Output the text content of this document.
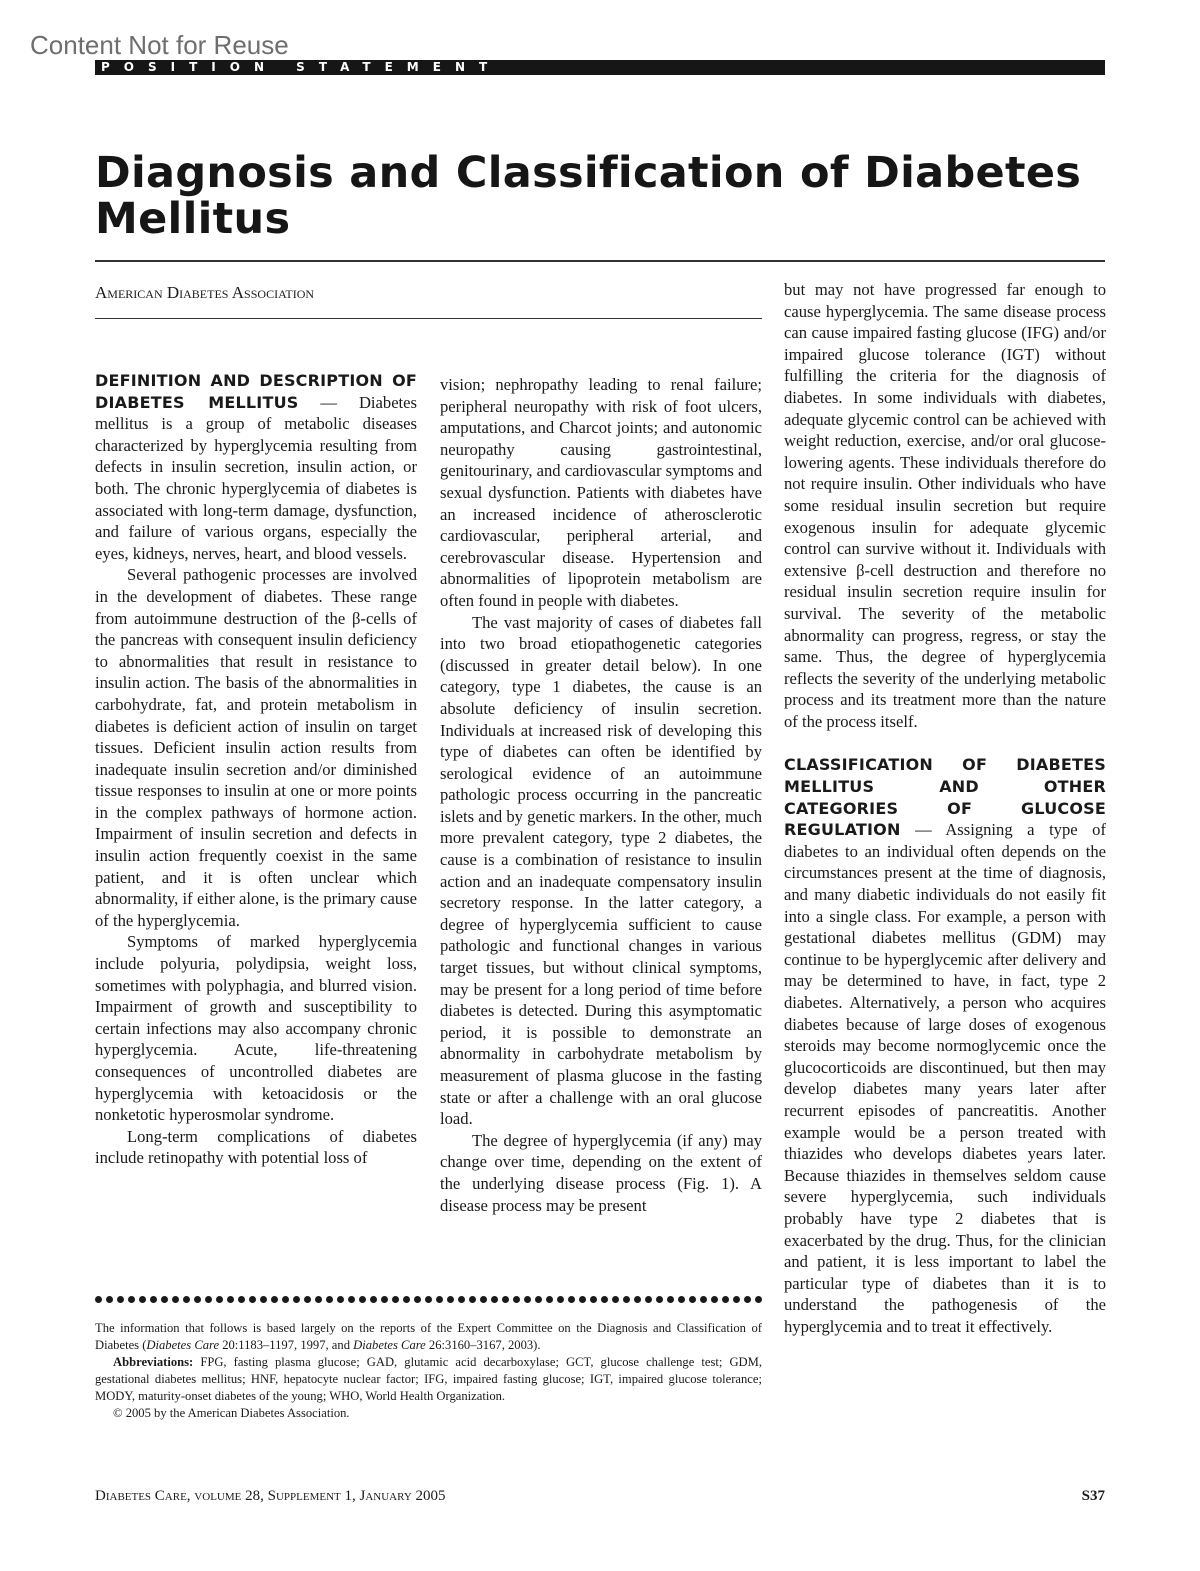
Content Not for Reuse
POSITION STATEMENT
Diagnosis and Classification of Diabetes Mellitus
American Diabetes Association

DEFINITION AND DESCRIPTION OF DIABETES MELLITUS — Diabetes mellitus is a group of metabolic diseases characterized by hyperglycemia resulting from defects in insulin secretion, insulin action, or both. The chronic hyperglycemia of diabetes is associated with long-term damage, dysfunction, and failure of various organs, especially the eyes, kidneys, nerves, heart, and blood vessels.

Several pathogenic processes are involved in the development of diabetes. These range from autoimmune destruction of the β-cells of the pancreas with consequent insulin deficiency to abnormalities that result in resistance to insulin action. The basis of the abnormalities in carbohydrate, fat, and protein metabolism in diabetes is deficient action of insulin on target tissues. Deficient insulin action results from inadequate insulin secretion and/or diminished tissue responses to insulin at one or more points in the complex pathways of hormone action. Impairment of insulin secretion and defects in insulin action frequently coexist in the same patient, and it is often unclear which abnormality, if either alone, is the primary cause of the hyperglycemia.

Symptoms of marked hyperglycemia include polyuria, polydipsia, weight loss, sometimes with polyphagia, and blurred vision. Impairment of growth and susceptibility to certain infections may also accompany chronic hyperglycemia. Acute, life-threatening consequences of uncontrolled diabetes are hyperglycemia with ketoacidosis or the nonketotic hyperosmolar syndrome.

Long-term complications of diabetes include retinopathy with potential loss of

vision; nephropathy leading to renal failure; peripheral neuropathy with risk of foot ulcers, amputations, and Charcot joints; and autonomic neuropathy causing gastrointestinal, genitourinary, and cardiovascular symptoms and sexual dysfunction. Patients with diabetes have an increased incidence of atherosclerotic cardiovascular, peripheral arterial, and cerebrovascular disease. Hypertension and abnormalities of lipoprotein metabolism are often found in people with diabetes.

The vast majority of cases of diabetes fall into two broad etiopathogenetic categories (discussed in greater detail below). In one category, type 1 diabetes, the cause is an absolute deficiency of insulin secretion. Individuals at increased risk of developing this type of diabetes can often be identified by serological evidence of an autoimmune pathologic process occurring in the pancreatic islets and by genetic markers. In the other, much more prevalent category, type 2 diabetes, the cause is a combination of resistance to insulin action and an inadequate compensatory insulin secretory response. In the latter category, a degree of hyperglycemia sufficient to cause pathologic and functional changes in various target tissues, but without clinical symptoms, may be present for a long period of time before diabetes is detected. During this asymptomatic period, it is possible to demonstrate an abnormality in carbohydrate metabolism by measurement of plasma glucose in the fasting state or after a challenge with an oral glucose load.

The degree of hyperglycemia (if any) may change over time, depending on the extent of the underlying disease process (Fig. 1). A disease process may be present

but may not have progressed far enough to cause hyperglycemia. The same disease process can cause impaired fasting glucose (IFG) and/or impaired glucose tolerance (IGT) without fulfilling the criteria for the diagnosis of diabetes. In some individuals with diabetes, adequate glycemic control can be achieved with weight reduction, exercise, and/or oral glucose-lowering agents. These individuals therefore do not require insulin. Other individuals who have some residual insulin secretion but require exogenous insulin for adequate glycemic control can survive without it. Individuals with extensive β-cell destruction and therefore no residual insulin secretion require insulin for survival. The severity of the metabolic abnormality can progress, regress, or stay the same. Thus, the degree of hyperglycemia reflects the severity of the underlying metabolic process and its treatment more than the nature of the process itself.

CLASSIFICATION OF DIABETES MELLITUS AND OTHER CATEGORIES OF GLUCOSE REGULATION — Assigning a type of diabetes to an individual often depends on the circumstances present at the time of diagnosis, and many diabetic individuals do not easily fit into a single class. For example, a person with gestational diabetes mellitus (GDM) may continue to be hyperglycemic after delivery and may be determined to have, in fact, type 2 diabetes. Alternatively, a person who acquires diabetes because of large doses of exogenous steroids may become normoglycemic once the glucocorticoids are discontinued, but then may develop diabetes many years later after recurrent episodes of pancreatitis. Another example would be a person treated with thiazides who develops diabetes years later. Because thiazides in themselves seldom cause severe hyperglycemia, such individuals probably have type 2 diabetes that is exacerbated by the drug. Thus, for the clinician and patient, it is less important to label the particular type of diabetes than it is to understand the pathogenesis of the hyperglycemia and to treat it effectively.

The information that follows is based largely on the reports of the Expert Committee on the Diagnosis and Classification of Diabetes (Diabetes Care 20:1183–1197, 1997, and Diabetes Care 26:3160–3167, 2003).

Abbreviations: FPG, fasting plasma glucose; GAD, glutamic acid decarboxylase; GCT, glucose challenge test; GDM, gestational diabetes mellitus; HNF, hepatocyte nuclear factor; IFG, impaired fasting glucose; IGT, impaired glucose tolerance; MODY, maturity-onset diabetes of the young; WHO, World Health Organization.

© 2005 by the American Diabetes Association.

Diabetes Care, volume 28, Supplement 1, January 2005	S37
